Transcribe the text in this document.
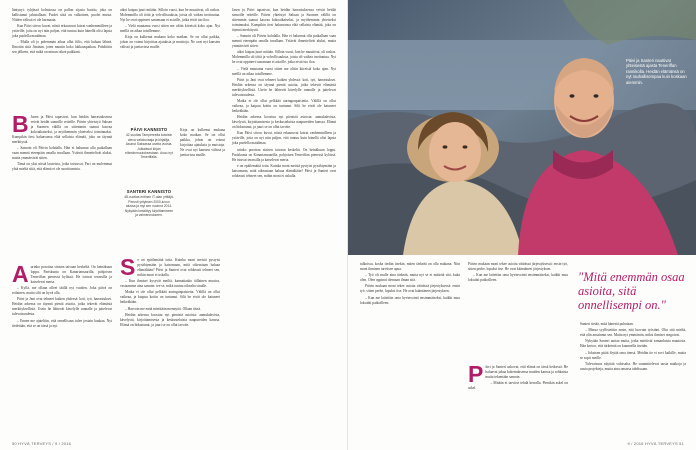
läntynyt: tyhjässä kolmiossa on pallon sijasta kuutio, joka on kallistunut jalustallaan. Puolet siitä on valkoinen, puolet musta. Niiden välissä ei ole harmaata.

Kun Päivi siivoo kuvat, niistä erkautuvat koirat vanhemmilleen ja ystäville, joita on nyt niin paljon, että tuntuu kuin hänellä olisi lapsia joka puolella maailmaa.

– Mulla oli jo pidemmän aikaa ollut fiilis, että haluan lähteä. Ilmoitin siitä Jiminan, joten muutin koko lakkauspaikan. Pohdittiin sen jälkeen, että mikä on minun oikea paikkani.

B Jasen ja Päivi tapasivat, kun heidän harrastuksensa veivät heidät samoille reiteille. Päivin yhteistyö Saksan ja Suomen välillä on sittemmin saanut kasvaa kokoaikaiseksi, ja myöhemmin yhteiseksi toiminnaksi. Kumpikin tiesi haluavansa elää sellaista elämää, joka on täynnä merkitystä.

– Samoin oli Päivin kohdalla. Hän ei halunnut olla paikallaan vaan mennä eteenpäin omalla tavallaan. Ystävät ihmettelivät aluksi, mutta ymmärsivät sitten.

Tämä on yksi niistä lauseista, jotka toistuvat. Pari on molemmat yhtä mieltä siitä, että elämä ei ole suorittamista.

A urinko porottaa sinisen taivaan keskeltä. On heinäkuun loppu. Pariskunta on Kanariansaarilla, pohjoisen Teneriffan pienessä kylässä. He istuvat terassilla ja katselevat merta.

– Kyllä, me ollaan olleet täällä nyt vuoden. Joka päivä on erilainen, mutta silti on hyvä olla.

Päivi ja Jani ovat tehneet kaiken yhdessä: koti, työ, harrastukset. Heidän arkensa on täynnä pieniä asioita, jotka tekevät elämästä merkityksellistä. Usein he lähtevät kävelylle rannalle ja juttelevat tulevaisuudesta.

– Ennen me ajateltiin, että onnellisuus tulee jostain kaukaa. Nyt tiedetään, että se on tässä ja nyt.

aikoi kaipaa juuri mitään. Silloin vuosi, kun he muuttivat, oli raskas. Molemmilla oli töitä ja velvollisuuksia, joista oli vaikea irrottautua. Nyt he ovat oppineet sanomaan ei asioille, jotka eivät tuo iloa.

– Vielä muutama vuosi sitten me oltiin kiireisiä koko ajan. Nyt meillä on aikaa toisillemme.

Kirja on kulkenut mukana koko matkan. Se on ollut paikka, johon on voinut kirjoittaa ajatuksia ja muistoja. Ne ovat nyt kansien välissä ja jaettavissa muille.

PÄIVI KANNISTO
42-vuotias Tampereelta kotoisin oleva valokuvaaja ja kirjailija. Asunut Saksassa useita vuosia. Julkaissut kirjan elämänmuutoksestaan. Asuu nyt Teneriffalla.
SANTERI KANNISTO
48-vuotias entinen IT-alan yrittäjä. Perusti yrityksen 2000-luvun alussa ja myi sen vuonna 2014. Nykyään keskittyy kirjoittamiseen ja valmennukseen.

Kirja on kulkenut mukana koko matkan. Se on ollut paikka, johon on voinut kirjoittaa ajatuksia ja muistoja. Ne ovat nyt kansien välissä ja jaettavissa muille.

S e on epäilemättä totta. Kuinka moni meistä pystyisi pysähtymään ja katsomaan, mitä oikeastaan haluaa elämältään? Päivi ja Santeri ovat rohkeasti tehneet sen, mihin moni ei uskalla.

– Kun ihmiset kysyvät meiltä, kannattaako tällainen muutos, vastaamme aina samoin: tee se, mikä tuntuu oikealta sinulle.

Matka ei ole ollut pelkkää auringonpaistetta. Välillä on ollut vaikeaa, ja kaipuu kotiin on tuntunut. Silti he eivät ole katuneet hetkeäkään.

– Harvoin me enää mietitään mennyttä. Ollaan tässä.

Heidän arkensa koostuu nyt pienistä asioista: aamukahvista, kävelystä, kirjoittamisesta ja keskusteluista naapureiden kanssa. Elämä on hidastunut, ja juuri se on ollut tavoite.

Jasen ja Päivi tapasivat, kun heidän harrastuksensa veivät heidät samoille reiteille. Päivin yhteistyö Saksan ja Suomen välillä on sittemmin saanut kasvaa kokoaikaiseksi, ja myöhemmin yhteiseksi toiminnaksi. Kumpikin tiesi haluavansa elää sellaista elämää, joka on täynnä merkitystä.

– Samoin oli Päivin kohdalla. Hän ei halunnut olla paikallaan vaan mennä eteenpäin omalla tavallaan. Ystävät ihmettelivät aluksi, mutta ymmärsivät sitten.

aikoi kaipaa juuri mitään. Silloin vuosi, kun he muuttivat, oli raskas. Molemmilla oli töitä ja velvollisuuksia, joista oli vaikea irrottautua. Nyt he ovat oppineet sanomaan ei asioille, jotka eivät tuo iloa.

– Vielä muutama vuosi sitten me oltiin kiireisiä koko ajan. Nyt meillä on aikaa toisillemme.

Päivi ja Jani ovat tehneet kaiken yhdessä: koti, työ, harrastukset. Heidän arkensa on täynnä pieniä asioita, jotka tekevät elämästä merkityksellistä. Usein he lähtevät kävelylle rannalle ja juttelevat tulevaisuudesta.

Matka ei ole ollut pelkkää auringonpaistetta. Välillä on ollut vaikeaa, ja kaipuu kotiin on tuntunut. Silti he eivät ole katuneet hetkeäkään.

Heidän arkensa koostuu nyt pienistä asioista: aamukahvista, kävelystä, kirjoittamisesta ja keskusteluista naapureiden kanssa. Elämä on hidastunut, ja juuri se on ollut tavoite.

Kun Päivi siivoo kuvat, niistä erkautuvat koirat vanhemmilleen ja ystäville, joita on nyt niin paljon, että tuntuu kuin hänellä olisi lapsia joka puolella maailmaa.

urinko porottaa sinisen taivaan keskeltä. On heinäkuun loppu. Pariskunta on Kanariansaarilla, pohjoisen Teneriffan pienessä kylässä. He istuvat terassilla ja katselevat merta.

e on epäilemättä totta. Kuinka moni meistä pystyisi pysähtymään ja katsomaan, mitä oikeastaan haluaa elämältään? Päivi ja Santeri ovat rohkeasti tehneet sen, mihin moni ei uskalla.

50 HYVÄ TERVEYS / 9 / 2016
Päivi ja Santeri nauttivat yhteisestä ajasta Teneriffan rannikolla. Heidän elämänsä on nyt rauhallisempaa kuin koskaan aiemmin.

talkoissa, koska tiedän itsekin, miten tärkeää on olla mukana. Niin moni ihminen tarvitsee apua.

– Työ oli mulle aina tärkeää, mutta nyt se ei määritä sitä, kuka olen. Olen oppinut olemaan ilman sitä.

Päivin mukaan moni tekee asioita väärässä järjestyksessä: ensin työ, sitten perhe, lopuksi itse. He ovat kääntäneet järjestyksen.

– Kun me laitettiin oma hyvinvointi ensimmäiseksi, kaikki muu loksahti paikoilleen.

Päivin mukaan moni tekee asioita väärässä järjestyksessä: ensin työ, sitten perhe, lopuksi itse. He ovat kääntäneet järjestyksen.

– Kun me laitettiin oma hyvinvointi ensimmäiseksi, kaikki muu loksahti paikoilleen.

P äivi ja Santeri uskovat, että elämä on tässä hetkessä. He haluavat jakaa kokemuksensa muiden kanssa ja rohkaista muita tekemään samoin.

– Mitään ei tarvitse tehdä kerralla. Pienikin askel on askel.

"Mitä enemmän osaa asioita, sitä onnellisempi on."

Santeri tietää, mitä hänestä puhutaan.

– Minua syyllistettiin ensin, että luovuin työstäni. Olin sitä mieltä, että olin ansainnut sen. Mutta nyt ymmärrän, miksi ihmiset reagoivat.

Nykyään Santeri auttaa muita, jotka miettivät samanlaista muutosta. Hän kertoo, että tärkeintä on kuunnella itseään.

– Jokaisen pitää löytää oma tiensä. Meidän tie ei sovi kaikille, mutta se sopii meille.

Tulevaisuus näyttää valoisalta. He suunnittelevat uusia matkoja ja uusia projekteja, mutta aina omassa tahdissaan.

9 / 2016 HYVÄ TERVEYS 51
